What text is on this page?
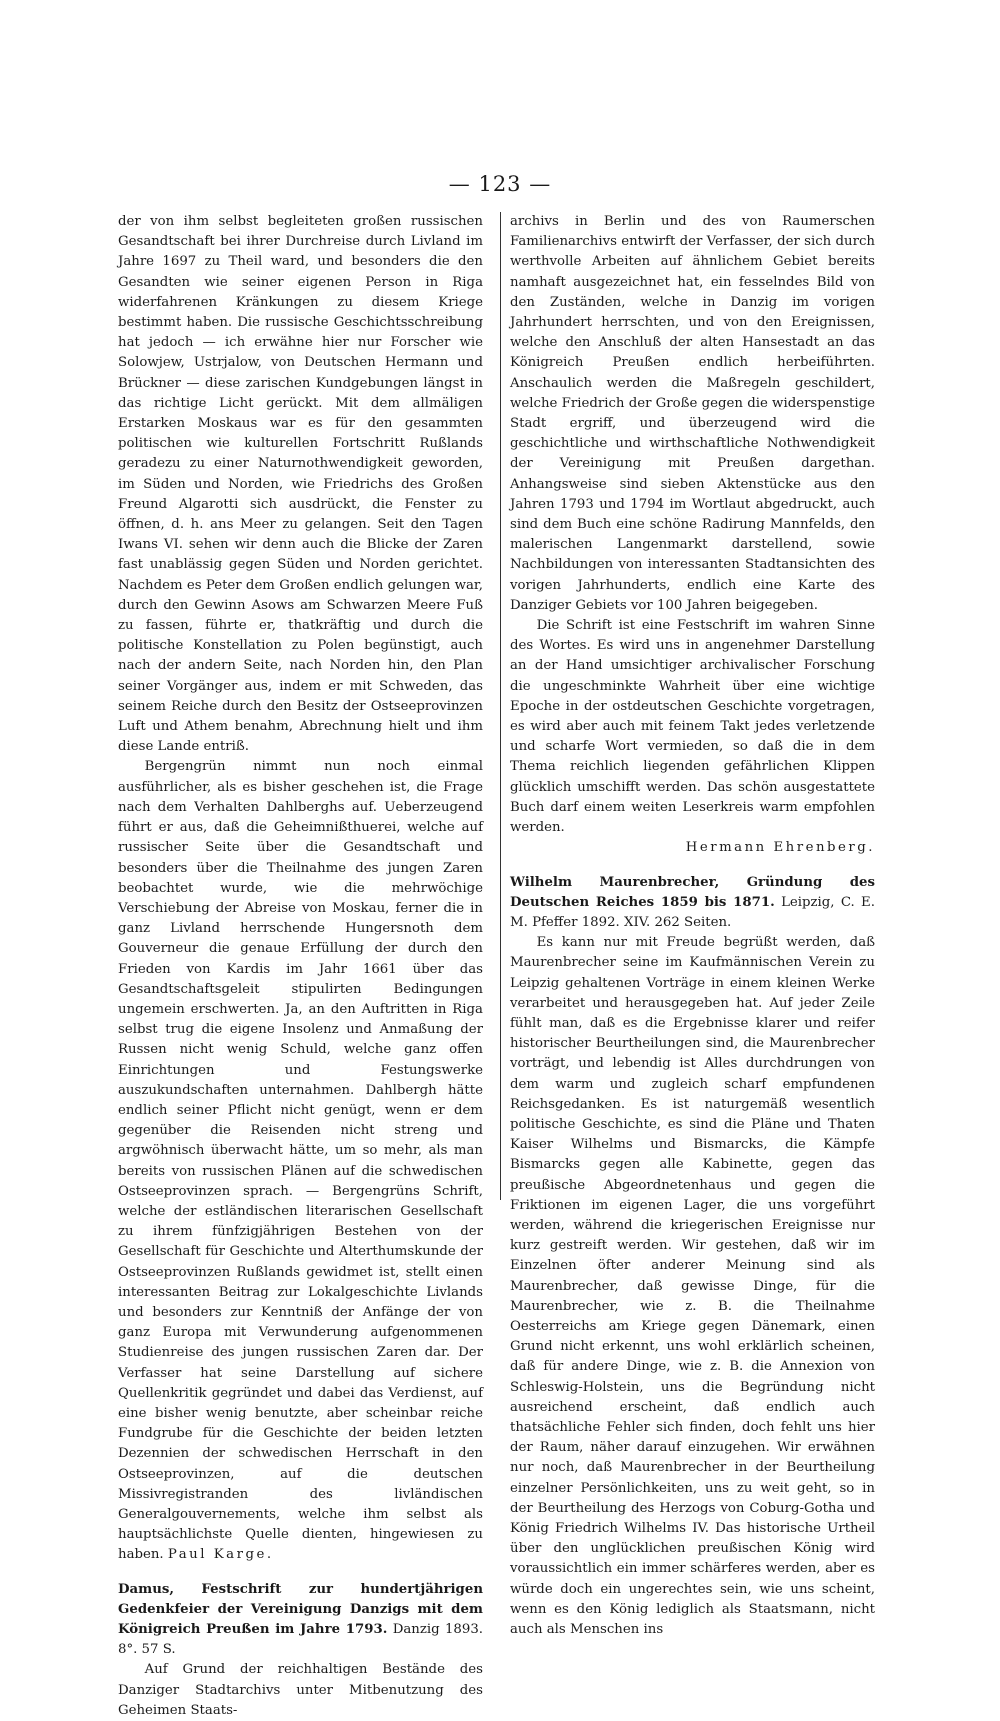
— 123 —

der von ihm selbst begleiteten großen russischen Gesandtschaft bei ihrer Durchreise durch Livland im Jahre 1697 zu Theil ward, und besonders die den Gesandten wie seiner eigenen Person in Riga widerfahrenen Kränkungen zu diesem Kriege bestimmt haben. Die russische Geschichtsschreibung hat jedoch — ich erwähne hier nur Forscher wie Solowjew, Ustrjalow, von Deutschen Hermann und Brückner — diese zarischen Kundgebungen längst in das richtige Licht gerückt. Mit dem allmäligen Erstarken Moskaus war es für den gesammten politischen wie kulturellen Fortschritt Rußlands geradezu zu einer Naturnothwendigkeit geworden, im Süden und Norden, wie Friedrichs des Großen Freund Algarotti sich ausdrückt, die Fenster zu öffnen, d. h. ans Meer zu gelangen. Seit den Tagen Iwans VI. sehen wir denn auch die Blicke der Zaren fast unablässig gegen Süden und Norden gerichtet. Nachdem es Peter dem Großen endlich gelungen war, durch den Gewinn Asows am Schwarzen Meere Fuß zu fassen, führte er, thatkräftig und durch die politische Konstellation zu Polen begünstigt, auch nach der andern Seite, nach Norden hin, den Plan seiner Vorgänger aus, indem er mit Schweden, das seinem Reiche durch den Besitz der Ostseeprovinzen Luft und Athem benahm, Abrechnung hielt und ihm diese Lande entriß.

Bergengrün nimmt nun noch einmal ausführlicher, als es bisher geschehen ist, die Frage nach dem Verhalten Dahlberghs auf. Ueberzeugend führt er aus, daß die Geheimnißthuerei, welche auf russischer Seite über die Gesandtschaft und besonders über die Theilnahme des jungen Zaren beobachtet wurde, wie die mehrwöchige Verschiebung der Abreise von Moskau, ferner die in ganz Livland herrschende Hungersnoth dem Gouverneur die genaue Erfüllung der durch den Frieden von Kardis im Jahr 1661 über das Gesandtschaftsgeleit stipulirten Bedingungen ungemein erschwerten. Ja, an den Auftritten in Riga selbst trug die eigene Insolenz und Anmaßung der Russen nicht wenig Schuld, welche ganz offen Einrichtungen und Festungswerke auszukundschaften unternahmen. Dahlbergh hätte endlich seiner Pflicht nicht genügt, wenn er dem gegenüber die Reisenden nicht streng und argwöhnisch überwacht hätte, um so mehr, als man bereits von russischen Plänen auf die schwedischen Ostseeprovinzen sprach. — Bergengrüns Schrift, welche der estländischen literarischen Gesellschaft zu ihrem fünfzigjährigen Bestehen von der Gesellschaft für Geschichte und Alterthumskunde der Ostseeprovinzen Rußlands gewidmet ist, stellt einen interessanten Beitrag zur Lokalgeschichte Livlands und besonders zur Kenntniß der Anfänge der von ganz Europa mit Verwunderung aufgenommenen Studienreise des jungen russischen Zaren dar. Der Verfasser hat seine Darstellung auf sichere Quellenkritik gegründet und dabei das Verdienst, auf eine bisher wenig benutzte, aber scheinbar reiche Fundgrube für die Geschichte der beiden letzten Dezennien der schwedischen Herrschaft in den Ostseeprovinzen, auf die deutschen Missivregistranden des livländischen Generalgouvernements, welche ihm selbst als hauptsächlichste Quelle dienten, hingewiesen zu haben. Paul Karge.

Damus, Festschrift zur hundertjährigen Gedenkfeier der Vereinigung Danzigs mit dem Königreich Preußen im Jahre 1793. Danzig 1893. 8°. 57 S.

Auf Grund der reichhaltigen Bestände des Danziger Stadtarchivs unter Mitbenutzung des Geheimen Staats-

archivs in Berlin und des von Raumerschen Familienarchivs entwirft der Verfasser, der sich durch werthvolle Arbeiten auf ähnlichem Gebiet bereits namhaft ausgezeichnet hat, ein fesselndes Bild von den Zuständen, welche in Danzig im vorigen Jahrhundert herrschten, und von den Ereignissen, welche den Anschluß der alten Hansestadt an das Königreich Preußen endlich herbeiführten. Anschaulich werden die Maßregeln geschildert, welche Friedrich der Große gegen die widerspenstige Stadt ergriff, und überzeugend wird die geschichtliche und wirthschaftliche Nothwendigkeit der Vereinigung mit Preußen dargethan. Anhangsweise sind sieben Aktenstücke aus den Jahren 1793 und 1794 im Wortlaut abgedruckt, auch sind dem Buch eine schöne Radirung Mannfelds, den malerischen Langenmarkt darstellend, sowie Nachbildungen von interessanten Stadtansichten des vorigen Jahrhunderts, endlich eine Karte des Danziger Gebiets vor 100 Jahren beigegeben.

Die Schrift ist eine Festschrift im wahren Sinne des Wortes. Es wird uns in angenehmer Darstellung an der Hand umsichtiger archivalischer Forschung die ungeschminkte Wahrheit über eine wichtige Epoche in der ostdeutschen Geschichte vorgetragen, es wird aber auch mit feinem Takt jedes verletzende und scharfe Wort vermieden, so daß die in dem Thema reichlich liegenden gefährlichen Klippen glücklich umschifft werden. Das schön ausgestattete Buch darf einem weiten Leserkreis warm empfohlen werden.

Hermann Ehrenberg.

Wilhelm Maurenbrecher, Gründung des Deutschen Reiches 1859 bis 1871. Leipzig, C. E. M. Pfeffer 1892. XIV. 262 Seiten.

Es kann nur mit Freude begrüßt werden, daß Maurenbrecher seine im Kaufmännischen Verein zu Leipzig gehaltenen Vorträge in einem kleinen Werke verarbeitet und herausgegeben hat. Auf jeder Zeile fühlt man, daß es die Ergebnisse klarer und reifer historischer Beurtheilungen sind, die Maurenbrecher vorträgt, und lebendig ist Alles durchdrungen von dem warm und zugleich scharf empfundenen Reichsgedanken. Es ist naturgemäß wesentlich politische Geschichte, es sind die Pläne und Thaten Kaiser Wilhelms und Bismarcks, die Kämpfe Bismarcks gegen alle Kabinette, gegen das preußische Abgeordnetenhaus und gegen die Friktionen im eigenen Lager, die uns vorgeführt werden, während die kriegerischen Ereignisse nur kurz gestreift werden. Wir gestehen, daß wir im Einzelnen öfter anderer Meinung sind als Maurenbrecher, daß gewisse Dinge, für die Maurenbrecher, wie z. B. die Theilnahme Oesterreichs am Kriege gegen Dänemark, einen Grund nicht erkennt, uns wohl erklärlich scheinen, daß für andere Dinge, wie z. B. die Annexion von Schleswig-Holstein, uns die Begründung nicht ausreichend erscheint, daß endlich auch thatsächliche Fehler sich finden, doch fehlt uns hier der Raum, näher darauf einzugehen. Wir erwähnen nur noch, daß Maurenbrecher in der Beurtheilung einzelner Persönlichkeiten, uns zu weit geht, so in der Beurtheilung des Herzogs von Coburg-Gotha und König Friedrich Wilhelms IV. Das historische Urtheil über den unglücklichen preußischen König wird voraussichtlich ein immer schärferes werden, aber es würde doch ein ungerechtes sein, wie uns scheint, wenn es den König lediglich als Staatsmann, nicht auch als Menschen ins
